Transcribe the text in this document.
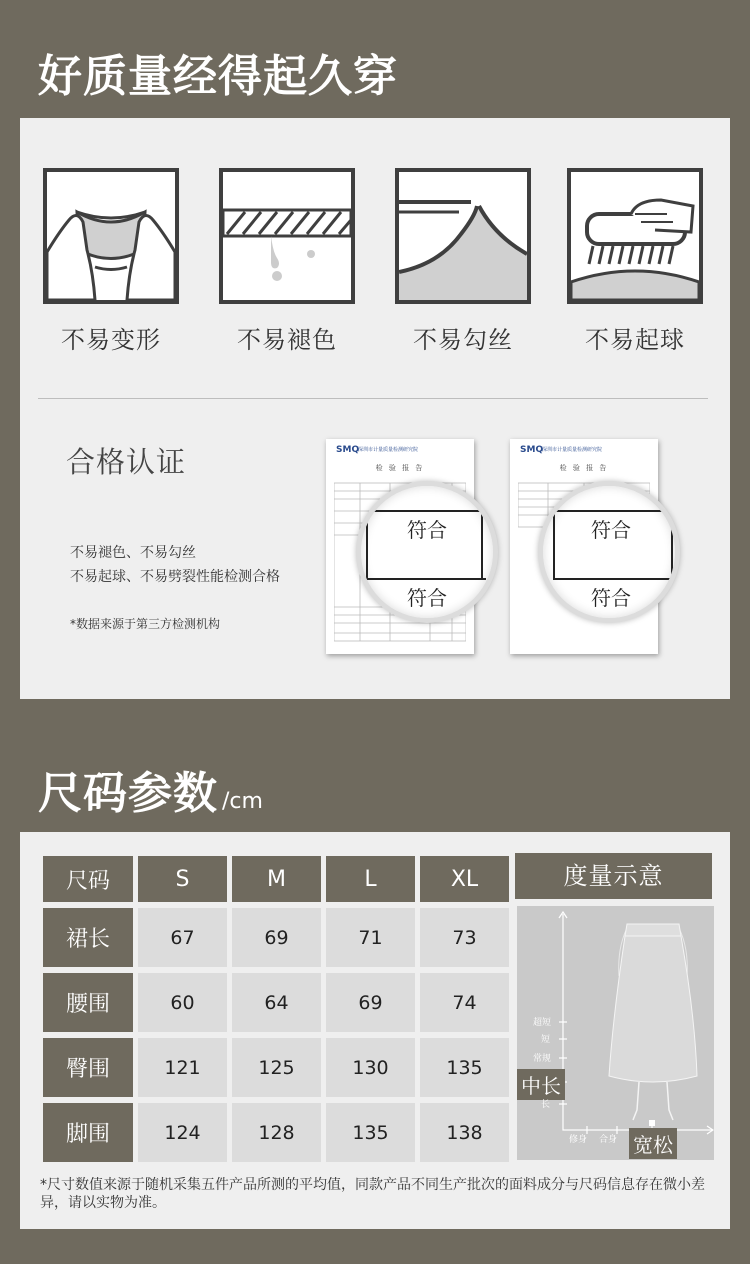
好质量经得起久穿
不易变形	不易褪色	不易勾丝	不易起球
合格认证
不易褪色、不易勾丝
不易起球、不易劈裂性能检测合格
*数据来源于第三方检测机构
SMQ
深圳市计量质量检测研究院
检 验 报 告
符合
符合
SMQ
深圳市计量质量检测研究院
检 验 报 告
符合
符合
尺码参数 /cm
尺码	S	M	L	XL
裙长	67	69	71	73
腰围	60	64	69	74
臀围	121	125	130	135
脚围	124	128	135	138
度量示意
超短
短
常规
中长
长
修身 合身 宽松
*尺寸数值来源于随机采集五件产品所测的平均值，同款产品不同生产批次的面料成分与尺码信息存在微小差异，请以实物为准。
